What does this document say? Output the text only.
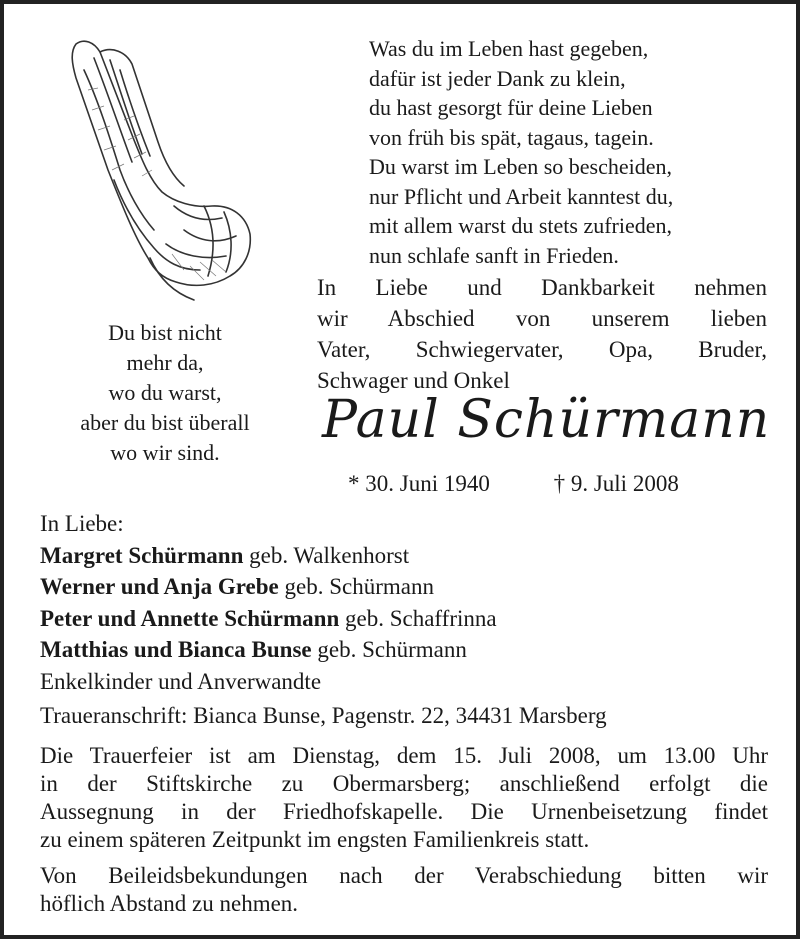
Was du im Leben hast gegeben,
dafür ist jeder Dank zu klein,
du hast gesorgt für deine Lieben
von früh bis spät, tagaus, tagein.
Du warst im Leben so bescheiden,
nur Pflicht und Arbeit kanntest du,
mit allem warst du stets zufrieden,
nun schlafe sanft in Frieden.
Du bist nicht
mehr da,
wo du warst,
aber du bist überall
wo wir sind.
In Liebe und Dankbarkeit nehmen
wir Abschied von unserem lieben
Vater, Schwiegervater, Opa, Bruder,
Schwager und Onkel
Paul Schürmann
* 30. Juni 1940	† 9. Juli 2008
In Liebe:
Margret Schürmann geb. Walkenhorst
Werner und Anja Grebe geb. Schürmann
Peter und Annette Schürmann geb. Schaffrinna
Matthias und Bianca Bunse geb. Schürmann
Enkelkinder und Anverwandte
Traueranschrift: Bianca Bunse, Pagenstr. 22, 34431 Marsberg
Die Trauerfeier ist am Dienstag, dem 15. Juli 2008, um 13.00 Uhr
in der Stiftskirche zu Obermarsberg; anschließend erfolgt die
Aussegnung in der Friedhofskapelle. Die Urnenbeisetzung findet
zu einem späteren Zeitpunkt im engsten Familienkreis statt.
Von Beileidsbekundungen nach der Verabschiedung bitten wir
höflich Abstand zu nehmen.
